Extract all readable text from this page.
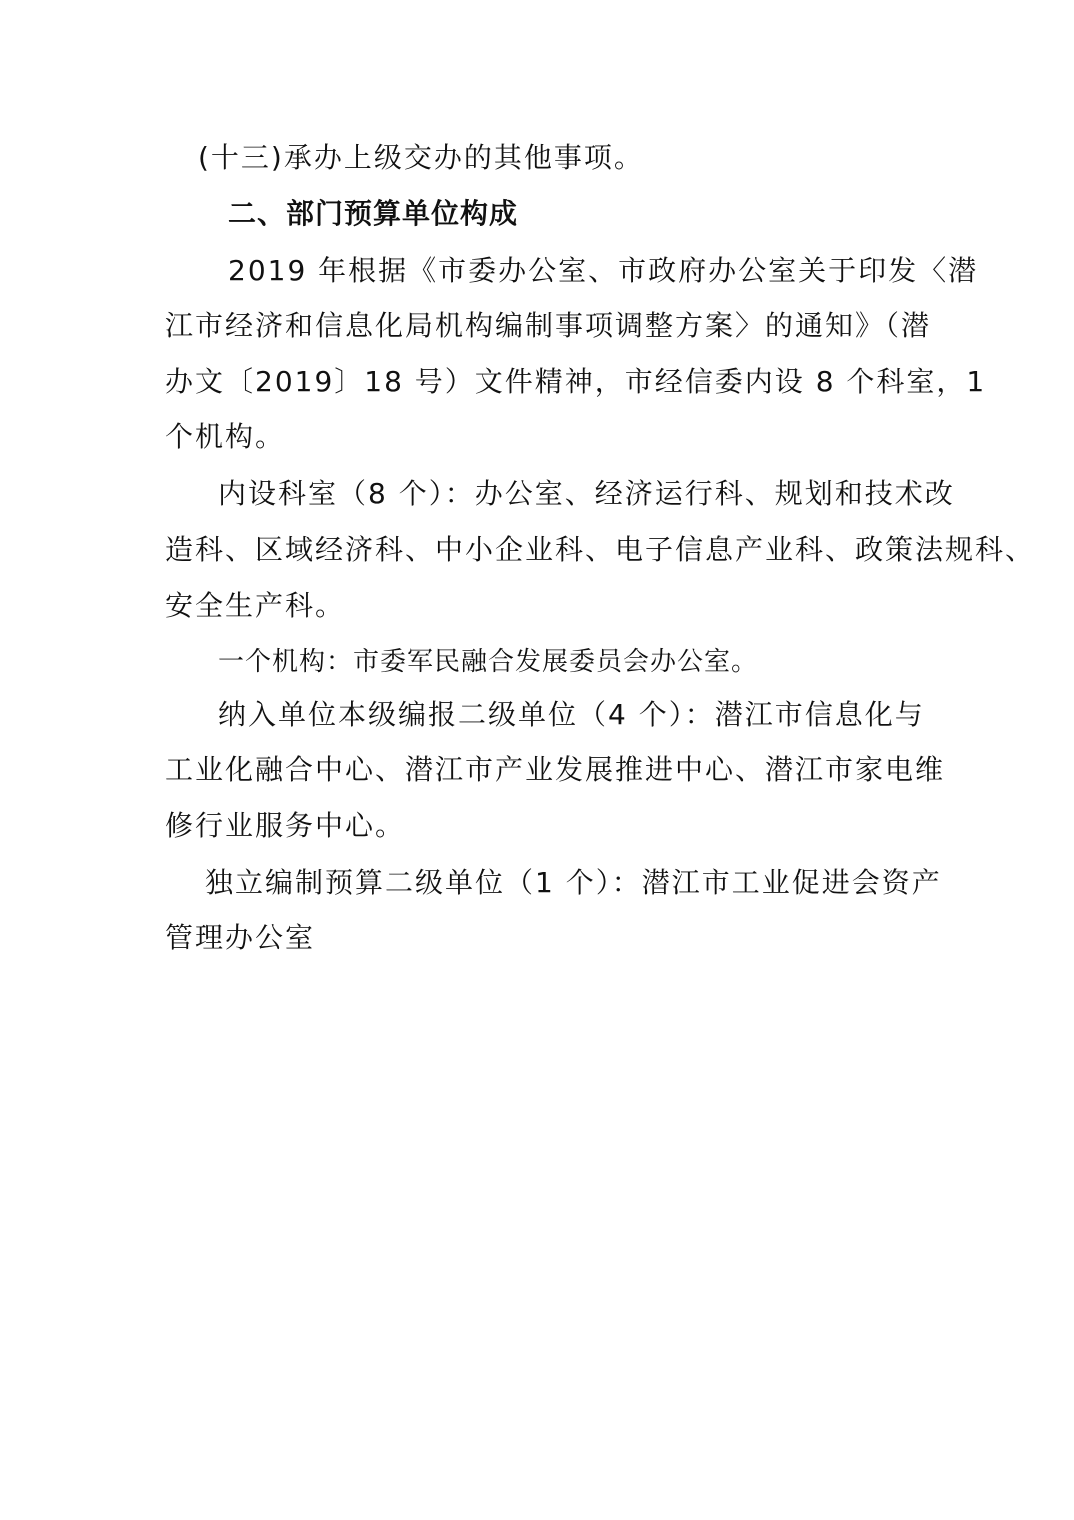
(十三)承办上级交办的其他事项。
二、部门预算单位构成
2019 年根据《市委办公室、市政府办公室关于印发〈潜
江市经济和信息化局机构编制事项调整方案〉的通知》（潜
办文〔2019〕18 号）文件精神，市经信委内设 8 个科室，1
个机构。
内设科室（8 个）：办公室、经济运行科、规划和技术改
造科、区域经济科、中小企业科、电子信息产业科、政策法规科、
安全生产科。
一个机构：市委军民融合发展委员会办公室。
纳入单位本级编报二级单位（4 个）：潜江市信息化与
工业化融合中心、潜江市产业发展推进中心、潜江市家电维
修行业服务中心。
独立编制预算二级单位（1 个）：潜江市工业促进会资产
管理办公室
